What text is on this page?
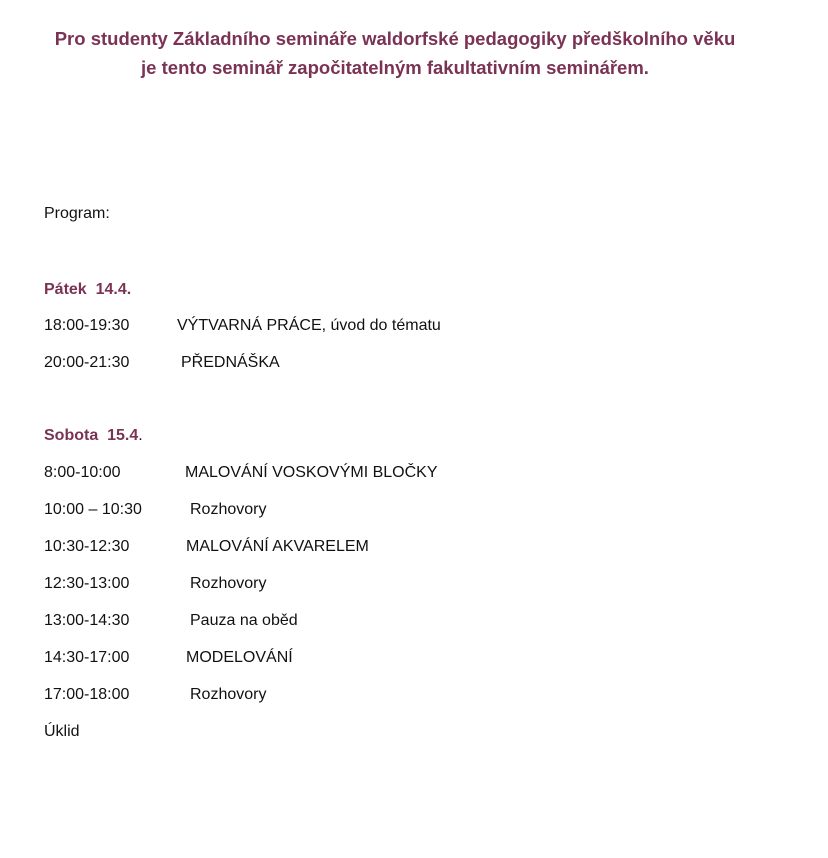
Pro studenty Základního semináře waldorfské pedagogiky předškolního věku
je tento seminář započitatelným fakultativním seminářem.
Program:
Pátek  14.4.
18:00-19:30	VÝTVARNÁ PRÁCE, úvod do tématu
20:00-21:30	PŘEDNÁŠKA
Sobota  15.4.
8:00-10:00	MALOVÁNÍ VOSKOVÝMI BLOČKY
10:00 – 10:30	Rozhovory
10:30-12:30	MALOVÁNÍ AKVARELEM
12:30-13:00	Rozhovory
13:00-14:30	Pauza na oběd
14:30-17:00	MODELOVÁNÍ
17:00-18:00	Rozhovory
Úklid
